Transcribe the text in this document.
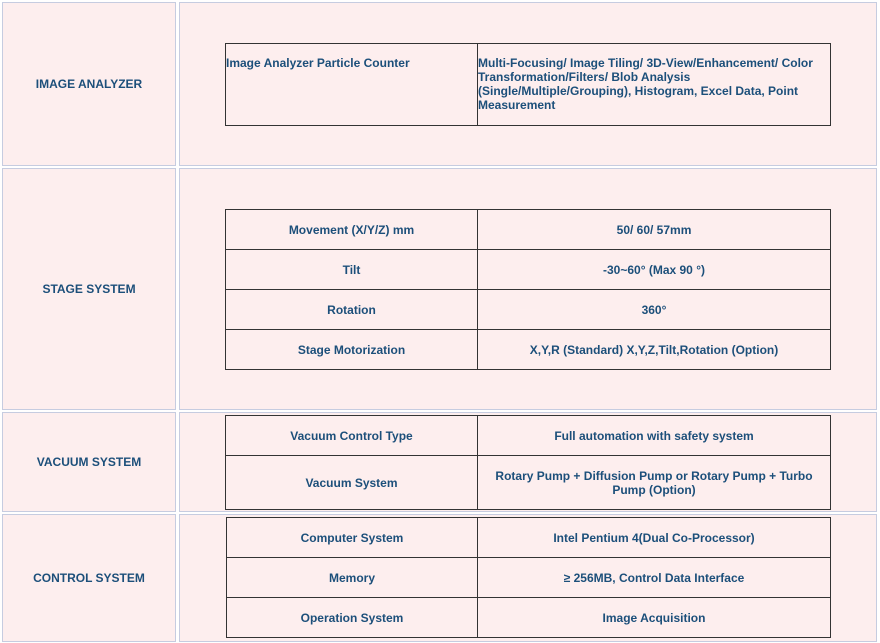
IMAGE ANALYZER
Image Analyzer Particle Counter	Multi-Focusing/ Image Tiling/ 3D-View/Enhancement/ Color Transformation/Filters/ Blob Analysis (Single/Multiple/Grouping), Histogram, Excel Data, Point Measurement
STAGE SYSTEM
Movement (X/Y/Z) mm	50/ 60/ 57mm
Tilt	-30~60° (Max 90 °)
Rotation	360°
Stage Motorization	X,Y,R (Standard) X,Y,Z,Tilt,Rotation (Option)
VACUUM SYSTEM
Vacuum Control Type	Full automation with safety system
Vacuum System	Rotary Pump + Diffusion Pump or Rotary Pump + Turbo Pump (Option)
CONTROL SYSTEM
Computer System	Intel Pentium 4(Dual Co-Processor)
Memory	≥ 256MB, Control Data Interface
Operation System	Image Acquisition
